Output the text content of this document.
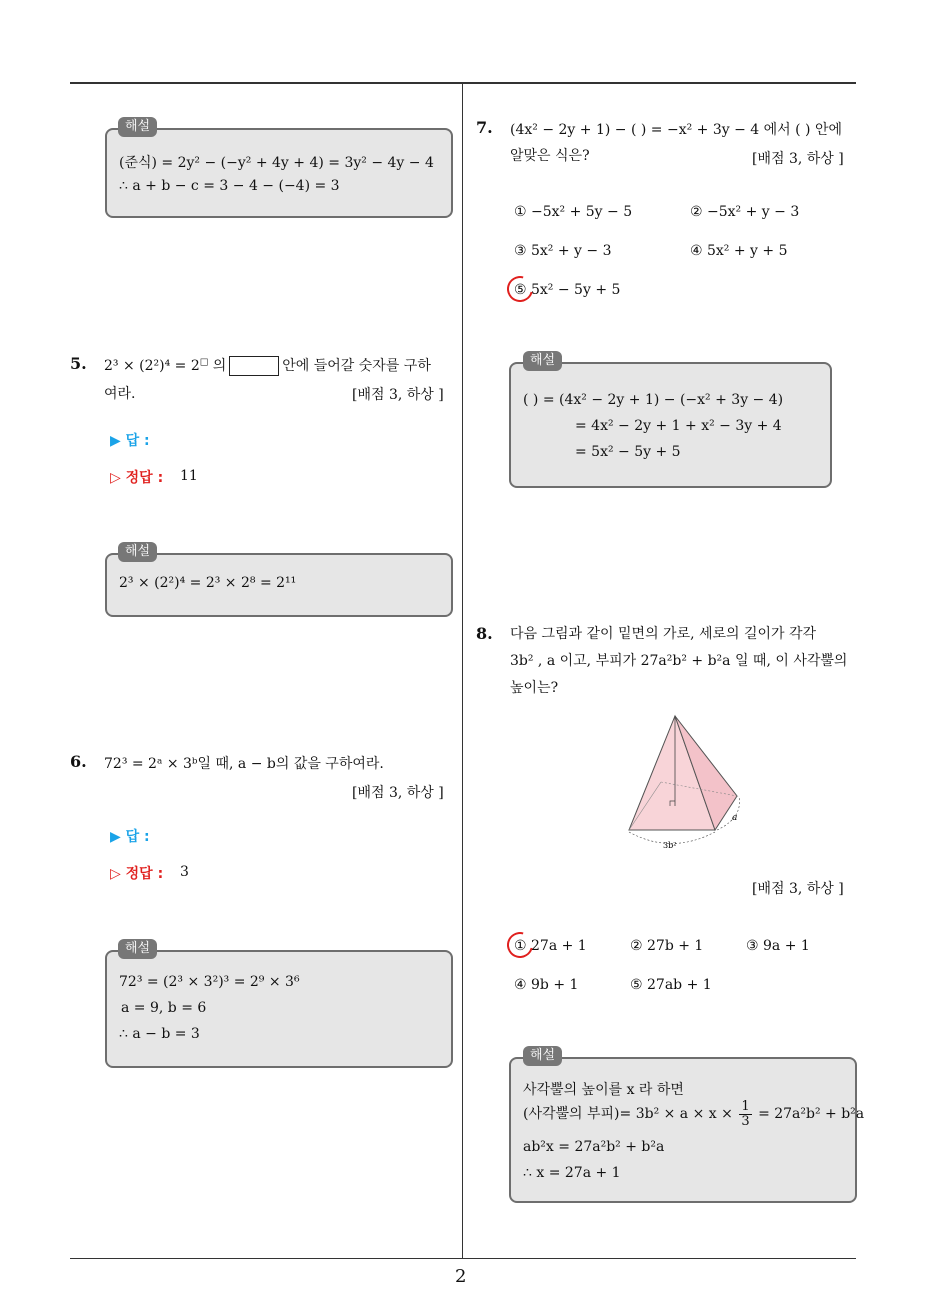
2
(준식) = 2y² − (−y² + 4y + 4) = 3y² − 4y − 4
∴ a + b − c = 3 − 4 − (−4) = 3
해설
5. 2³ × (2²)⁴ = 2□ 의	안에 들어갈 숫자를 구하
여라.	[배점 3, 하상 ]
▶ 답 :
▷ 정답 : 11
2³ × (2²)⁴ = 2³ × 2⁸ = 2¹¹
해설
6. 72³ = 2ᵃ × 3ᵇ일 때, a − b의 값을 구하여라.
[배점 3, 하상 ]
▶ 답 :
▷ 정답 : 3
72³ = (2³ × 3²)³ = 2⁹ × 3⁶
a = 9, b = 6
∴ a − b = 3
해설
7. (4x² − 2y + 1) − ( ) = −x² + 3y − 4 에서 ( ) 안에
알맞은 식은?	[배점 3, 하상 ]
① −5x² + 5y − 5	② −5x² + y − 3
③ 5x² + y − 3	④ 5x² + y + 5
⑤ 5x² − 5y + 5
( ) = (4x² − 2y + 1) − (−x² + 3y − 4)
= 4x² − 2y + 1 + x² − 3y + 4
= 5x² − 5y + 5
해설
8. 다음 그림과 같이 밑면의 가로, 세로의 길이가 각각
3b² , a 이고, 부피가 27a²b² + b²a 일 때, 이 사각뿔의
높이는?
a
3b²
[배점 3, 하상 ]
① 27a + 1	② 27b + 1	③ 9a + 1
④ 9b + 1	⑤ 27ab + 1
사각뿔의 높이를 x 라 하면
(사각뿔의 부피)= $3b^2 \times a \times x \times \frac{1}{3} = 27a^2b^2 + b^2a$
ab²x = 27a²b² + b²a
∴ x = 27a + 1
해설
